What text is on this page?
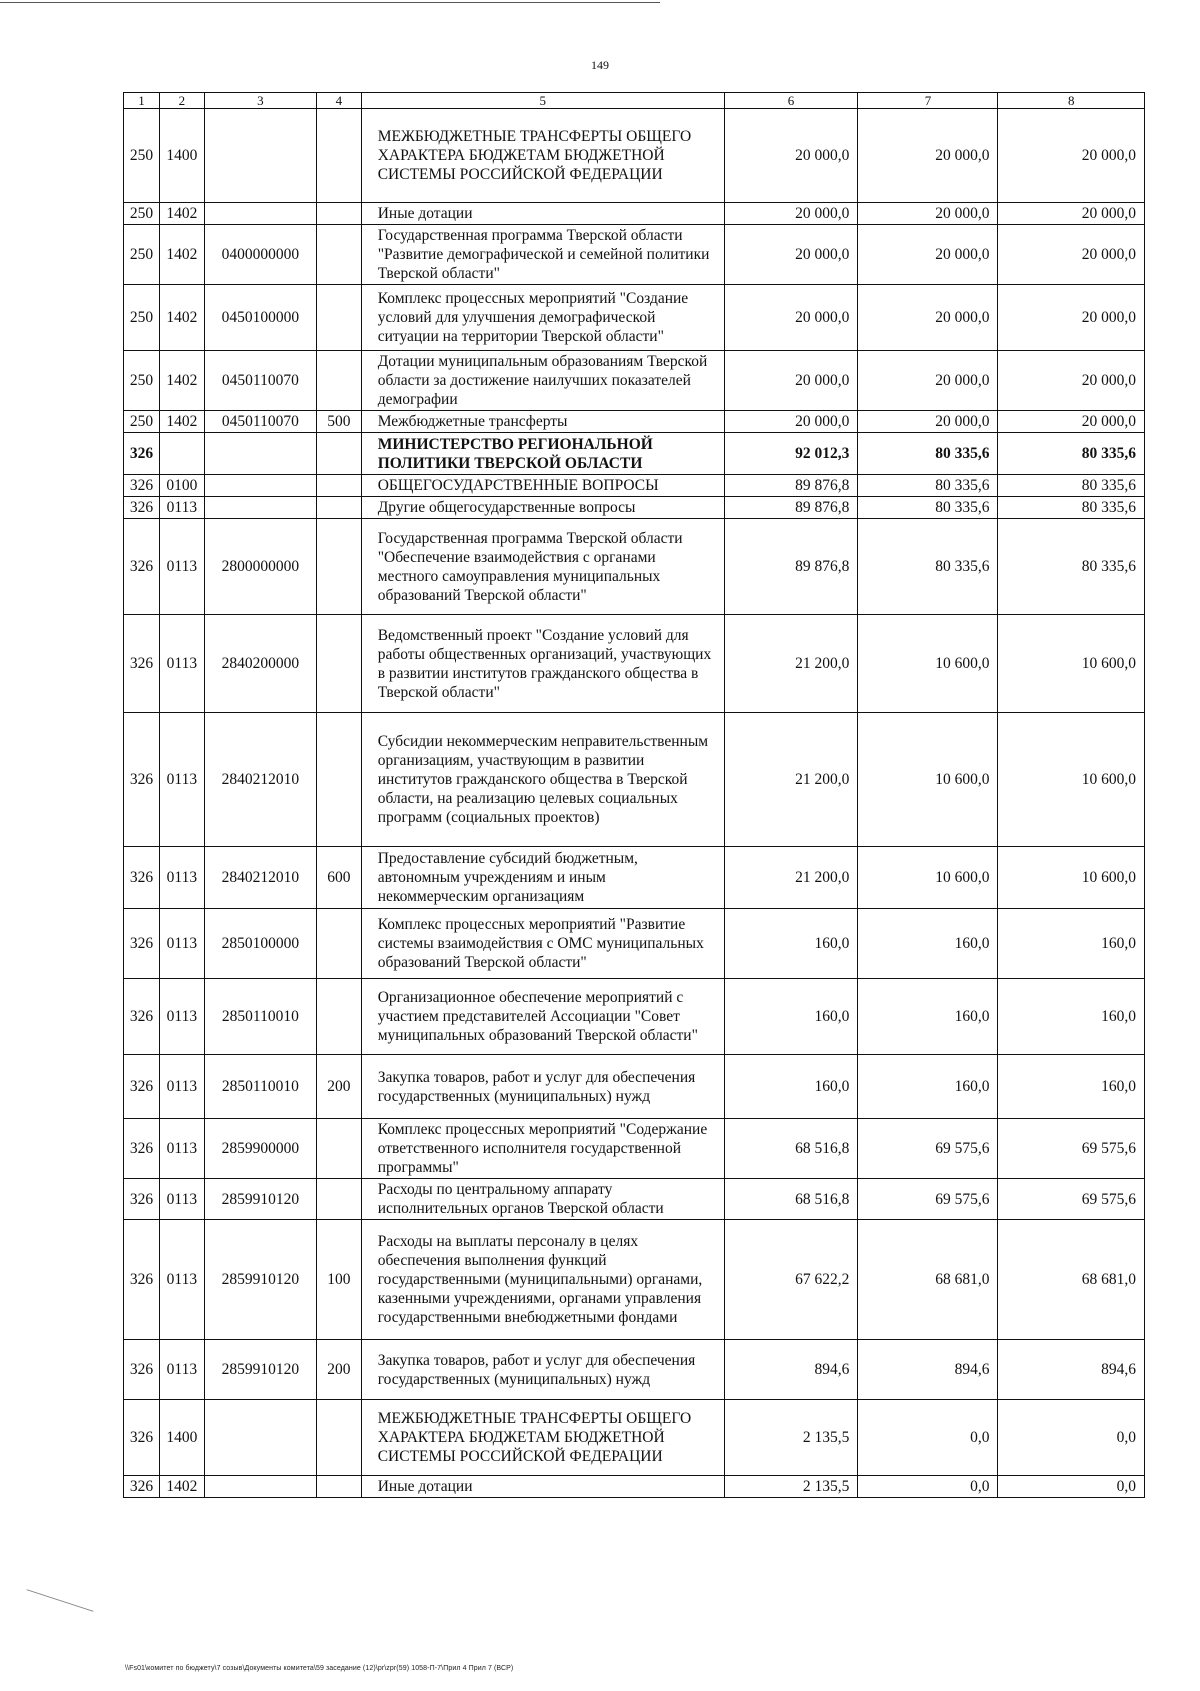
149
1	2	3	4	5	6	7	8
250	1400			МЕЖБЮДЖЕТНЫЕ ТРАНСФЕРТЫ ОБЩЕГО ХАРАКТЕРА БЮДЖЕТАМ БЮДЖЕТНОЙ СИСТЕМЫ РОССИЙСКОЙ ФЕДЕРАЦИИ	20 000,0	20 000,0	20 000,0
250	1402			Иные дотации	20 000,0	20 000,0	20 000,0
250	1402	0400000000		Государственная программа Тверской области "Развитие демографической и семейной политики Тверской области"	20 000,0	20 000,0	20 000,0
250	1402	0450100000		Комплекс процессных мероприятий "Создание условий для улучшения демографической ситуации на территории Тверской области"	20 000,0	20 000,0	20 000,0
250	1402	0450110070		Дотации муниципальным образованиям Тверской области за достижение наилучших показателей демографии	20 000,0	20 000,0	20 000,0
250	1402	0450110070	500	Межбюджетные трансферты	20 000,0	20 000,0	20 000,0
326				МИНИСТЕРСТВО РЕГИОНАЛЬНОЙ ПОЛИТИКИ ТВЕРСКОЙ ОБЛАСТИ	92 012,3	80 335,6	80 335,6
326	0100			ОБЩЕГОСУДАРСТВЕННЫЕ ВОПРОСЫ	89 876,8	80 335,6	80 335,6
326	0113			Другие общегосударственные вопросы	89 876,8	80 335,6	80 335,6
326	0113	2800000000		Государственная программа Тверской области "Обеспечение взаимодействия с органами местного самоуправления муниципальных образований Тверской области"	89 876,8	80 335,6	80 335,6
326	0113	2840200000		Ведомственный проект "Создание условий для работы общественных организаций, участвующих в развитии институтов гражданского общества в Тверской области"	21 200,0	10 600,0	10 600,0
326	0113	2840212010		Субсидии некоммерческим неправительственным организациям, участвующим в развитии институтов гражданского общества в Тверской области, на реализацию целевых социальных программ (социальных проектов)	21 200,0	10 600,0	10 600,0
326	0113	2840212010	600	Предоставление субсидий бюджетным, автономным учреждениям и иным некоммерческим организациям	21 200,0	10 600,0	10 600,0
326	0113	2850100000		Комплекс процессных мероприятий "Развитие системы взаимодействия с ОМС муниципальных образований Тверской области"	160,0	160,0	160,0
326	0113	2850110010		Организационное обеспечение мероприятий с участием представителей Ассоциации "Совет муниципальных образований Тверской области"	160,0	160,0	160,0
326	0113	2850110010	200	Закупка товаров, работ и услуг для обеспечения государственных (муниципальных) нужд	160,0	160,0	160,0
326	0113	2859900000		Комплекс процессных мероприятий "Содержание ответственного исполнителя государственной программы"	68 516,8	69 575,6	69 575,6
326	0113	2859910120		Расходы по центральному аппарату исполнительных органов Тверской области	68 516,8	69 575,6	69 575,6
326	0113	2859910120	100	Расходы на выплаты персоналу в целях обеспечения выполнения функций государственными (муниципальными) органами, казенными учреждениями, органами управления государственными внебюджетными фондами	67 622,2	68 681,0	68 681,0
326	0113	2859910120	200	Закупка товаров, работ и услуг для обеспечения государственных (муниципальных) нужд	894,6	894,6	894,6
326	1400			МЕЖБЮДЖЕТНЫЕ ТРАНСФЕРТЫ ОБЩЕГО ХАРАКТЕРА БЮДЖЕТАМ БЮДЖЕТНОЙ СИСТЕМЫ РОССИЙСКОЙ ФЕДЕРАЦИИ	2 135,5	0,0	0,0
326	1402			Иные дотации	2 135,5	0,0	0,0
\\Fs01\комитет по бюджету\7 созыв\Документы комитета\59 заседание (12)\pr\zpr(59) 1058-П-7\Прил 4 Прил 7 (ВСР)
